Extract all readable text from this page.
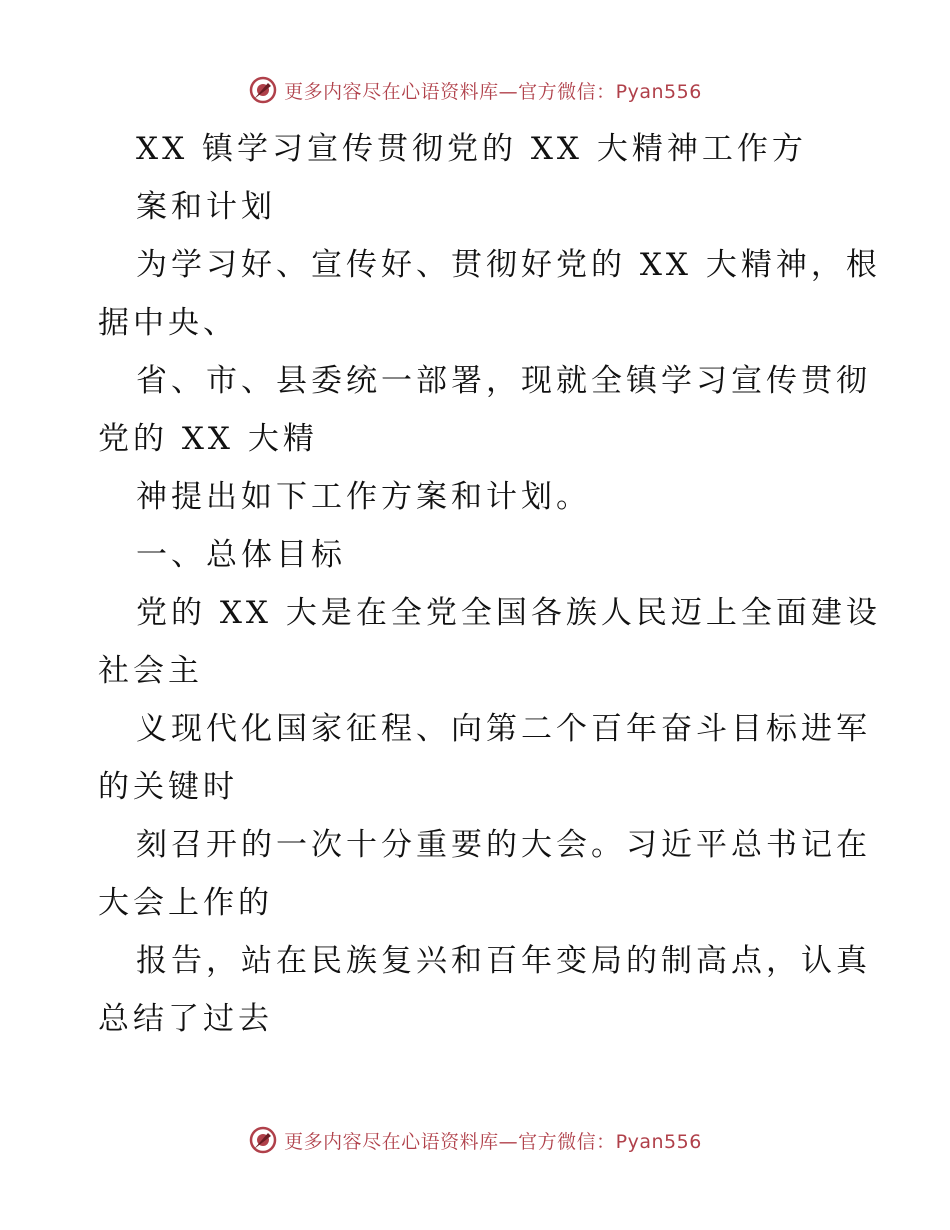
更多内容尽在心语资料库—官方微信：Pyan556
XX 镇学习宣传贯彻党的 XX 大精神工作方
案和计划
为学习好、宣传好、贯彻好党的 XX 大精神，根
据中央、
省、市、县委统一部署，现就全镇学习宣传贯彻
党的 XX 大精
神提出如下工作方案和计划。
一、总体目标
党的 XX 大是在全党全国各族人民迈上全面建设
社会主
义现代化国家征程、向第二个百年奋斗目标进军
的关键时
刻召开的一次十分重要的大会。习近平总书记在
大会上作的
报告，站在民族复兴和百年变局的制高点，认真
总结了过去
更多内容尽在心语资料库—官方微信：Pyan556
